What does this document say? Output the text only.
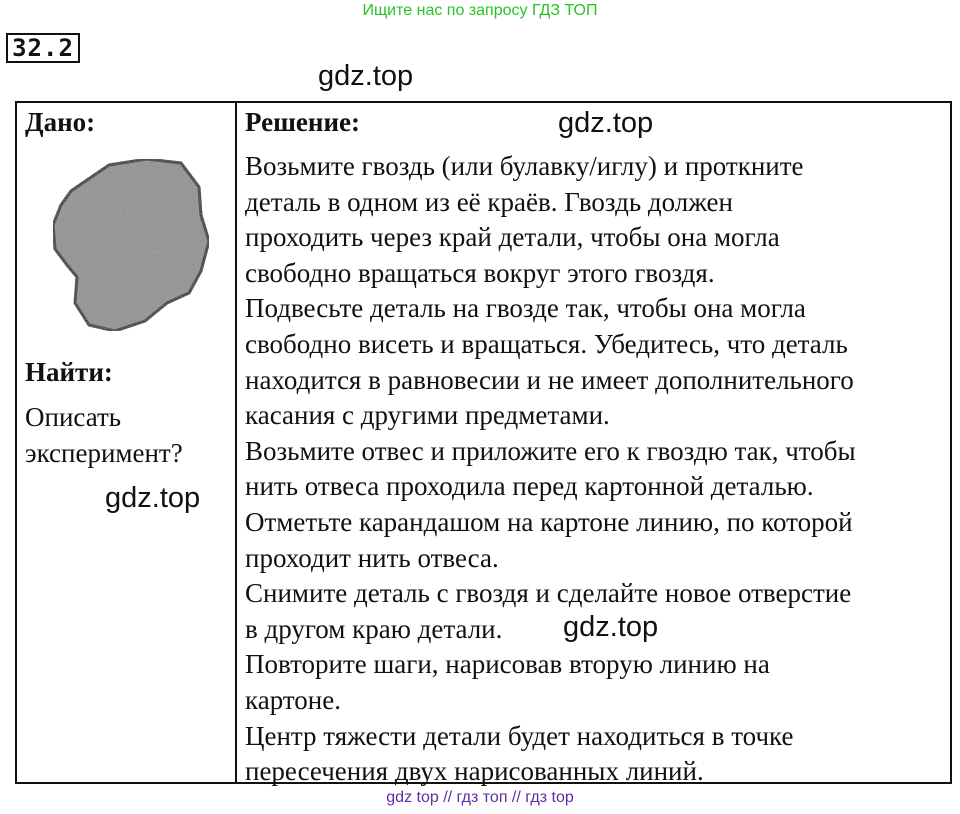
Ищите нас по запросу ГДЗ ТОП
32.2
gdz.top
Дано:
Найти:
Описать
эксперимент?
Решение:
Возьмите гвоздь (или булавку/иглу) и проткните
деталь в одном из её краёв. Гвоздь должен
проходить через край детали, чтобы она могла
свободно вращаться вокруг этого гвоздя.
Подвесьте деталь на гвозде так, чтобы она могла
свободно висеть и вращаться. Убедитесь, что деталь
находится в равновесии и не имеет дополнительного
касания с другими предметами.
Возьмите отвес и приложите его к гвоздю так, чтобы
нить отвеса проходила перед картонной деталью.
Отметьте карандашом на картоне линию, по которой
проходит нить отвеса.
Снимите деталь с гвоздя и сделайте новое отверстие
в другом краю детали.
Повторите шаги, нарисовав вторую линию на
картоне.
Центр тяжести детали будет находиться в точке
пересечения двух нарисованных линий.
gdz.top
gdz.top
gdz.top
gdz top // гдз топ // гдз top
